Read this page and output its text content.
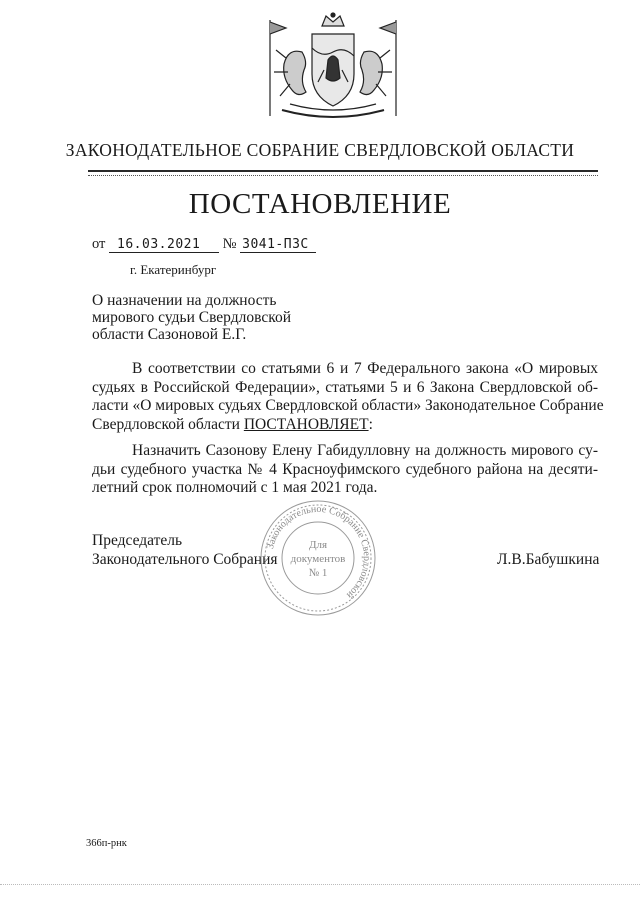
ЗАКОНОДАТЕЛЬНОЕ СОБРАНИЕ СВЕРДЛОВСКОЙ ОБЛАСТИ
ПОСТАНОВЛЕНИЕ
от 16.03.2021 № 3041-ПЗС
г. Екатеринбург
О назначении на должность
мирового судьи Свердловской
области Сазоновой Е.Г.
В соответствии со статьями 6 и 7 Федерального закона «О мировых
судьях в Российской Федерации», статьями 5 и 6 Закона Свердловской об-
ласти «О мировых судьях Свердловской области» Законодательное Собрание
Свердловской области ПОСТАНОВЛЯЕТ:
Назначить Сазонову Елену Габидулловну на должность мирового су-
дьи судебного участка № 4 Красноуфимского судебного района на десяти-
летний срок полномочий с 1 мая 2021 года.
Председатель
Законодательного Собрания
Законодательное Собрание Свердловской
Для
документов
№ 1
Л.В.Бабушкина
366п-рнк
